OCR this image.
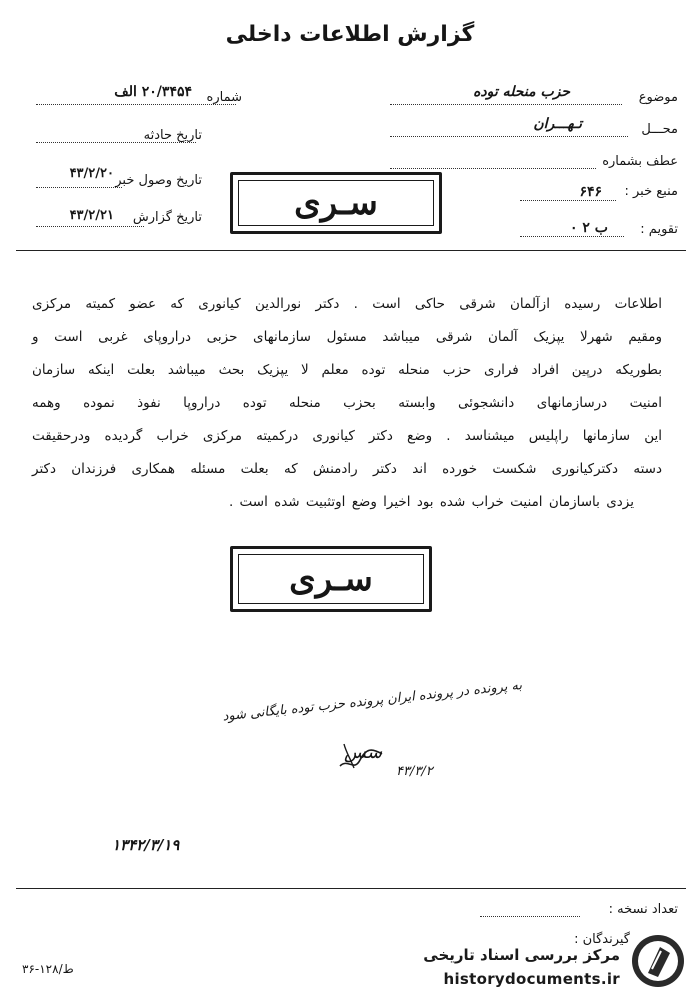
گزارش اطلاعات داخلی
موضوع
حزب منحله توده
محـــل
تـهـــران
عطف بشماره
منبع خبر :
۶۴۶
تقویم :
ب ۲ ۰
شماره
۲۰/۳۴۵۴ الف
تاریخ حادثه
تاریخ وصول خبر
۴۳/۲/۲۰
تاریخ گزارش
۴۳/۲/۲۱	سـری
اطلاعات رسیده ازآلمان شرقی حاکی است . دکتر نورالدین کیانوری که عضو کمیته مرکزی
ومقیم شهرلا یپزیک آلمان شرقی میباشد مسئول سازمانهای حزبی دراروپای غربی است و
بطوریکه درپین افراد فراری حزب منحله توده معلم لا یپزیک بحث میباشد بعلت اینکه سازمان
امنیت درسازمانهای دانشجوئی وابسته بحزب منحله توده دراروپا نفوذ نموده وهمه
این سازمانها راپلیس میشناسد . وضع دکتر کیانوری درکمیته مرکزی خراب گردیده ودرحقیقت
دسته دکترکیانوری شکست خورده اند دکتر رادمنش که بعلت مسئله همکاری فرزندان دکتر
یزدی باسازمان امنیت خراب شده بود اخیرا وضع اوتثبیت شده است .
سـری
به پرونده در پرونده ایران پرونده حزب توده بایگانی شود
سس
۴۳/۳/۲
۱۳۴۲/۳/۱۹
تعداد نسخه :
گیرندگان :
ط/۱۲۸-۳۶
مرکز بررسی اسناد تاریخی
historydocuments.ir
